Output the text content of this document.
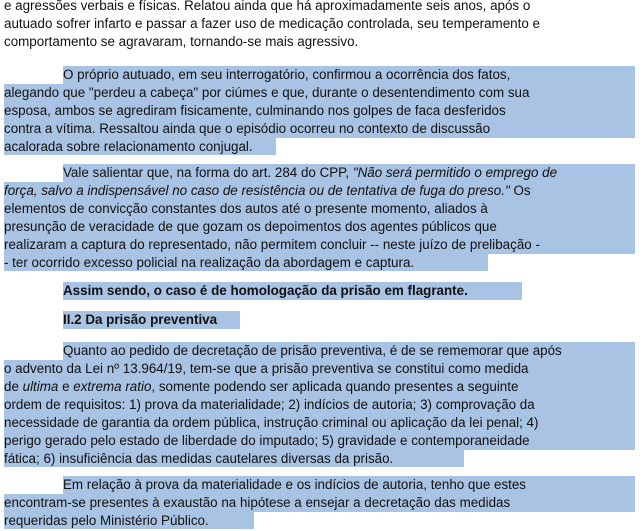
e agressões verbais e físicas. Relatou ainda que há aproximadamente seis anos, após o
autuado sofrer infarto e passar a fazer uso de medicação controlada, seu temperamento e
comportamento se agravaram, tornando-se mais agressivo.
O próprio autuado, em seu interrogatório, confirmou a ocorrência dos fatos,
alegando que "perdeu a cabeça" por ciúmes e que, durante o desentendimento com sua
esposa, ambos se agrediram fisicamente, culminando nos golpes de faca desferidos
contra a vítima. Ressaltou ainda que o episódio ocorreu no contexto de discussão
acalorada sobre relacionamento conjugal.
Vale salientar que, na forma do art. 284 do CPP, "Não será permitido o emprego de
força, salvo a indispensável no caso de resistência ou de tentativa de fuga do preso." Os
elementos de convicção constantes dos autos até o presente momento, aliados à
presunção de veracidade de que gozam os depoimentos dos agentes públicos que
realizaram a captura do representado, não permitem concluir -- neste juízo de prelibação -
- ter ocorrido excesso policial na realização da abordagem e captura.
Assim sendo, o caso é de homologação da prisão em flagrante.
II.2 Da prisão preventiva
Quanto ao pedido de decretação de prisão preventiva, é de se rememorar que após
o advento da Lei nº 13.964/19, tem-se que a prisão preventiva se constitui como medida
de ultima e extrema ratio, somente podendo ser aplicada quando presentes a seguinte
ordem de requisitos: 1) prova da materialidade; 2) indícios de autoria; 3) comprovação da
necessidade de garantia da ordem pública, instrução criminal ou aplicação da lei penal; 4)
perigo gerado pelo estado de liberdade do imputado; 5) gravidade e contemporaneidade
fática; 6) insuficiência das medidas cautelares diversas da prisão.
Em relação à prova da materialidade e os indícios de autoria, tenho que estes
encontram-se presentes à exaustão na hipótese a ensejar a decretação das medidas
requeridas pelo Ministério Público.
